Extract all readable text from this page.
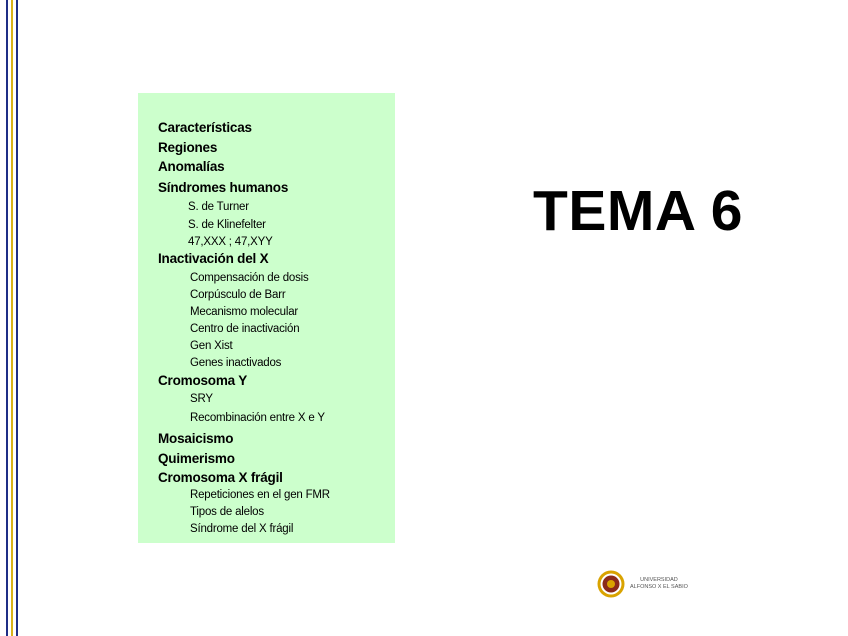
Características
Regiones
Anomalías
Síndromes humanos
S. de Turner
S. de Klinefelter
47,XXX ; 47,XYY
Inactivación del X
Compensación de dosis
Corpúsculo de Barr
Mecanismo molecular
Centro de inactivación
Gen Xist
Genes inactivados
Cromosoma Y
SRY
Recombinación entre X e Y
Mosaicismo
Quimerismo
Cromosoma X frágil
Repeticiones en el gen FMR
Tipos de alelos
Síndrome del X frágil
TEMA 6
UNIVERSIDAD
ALFONSO X EL SABIO
